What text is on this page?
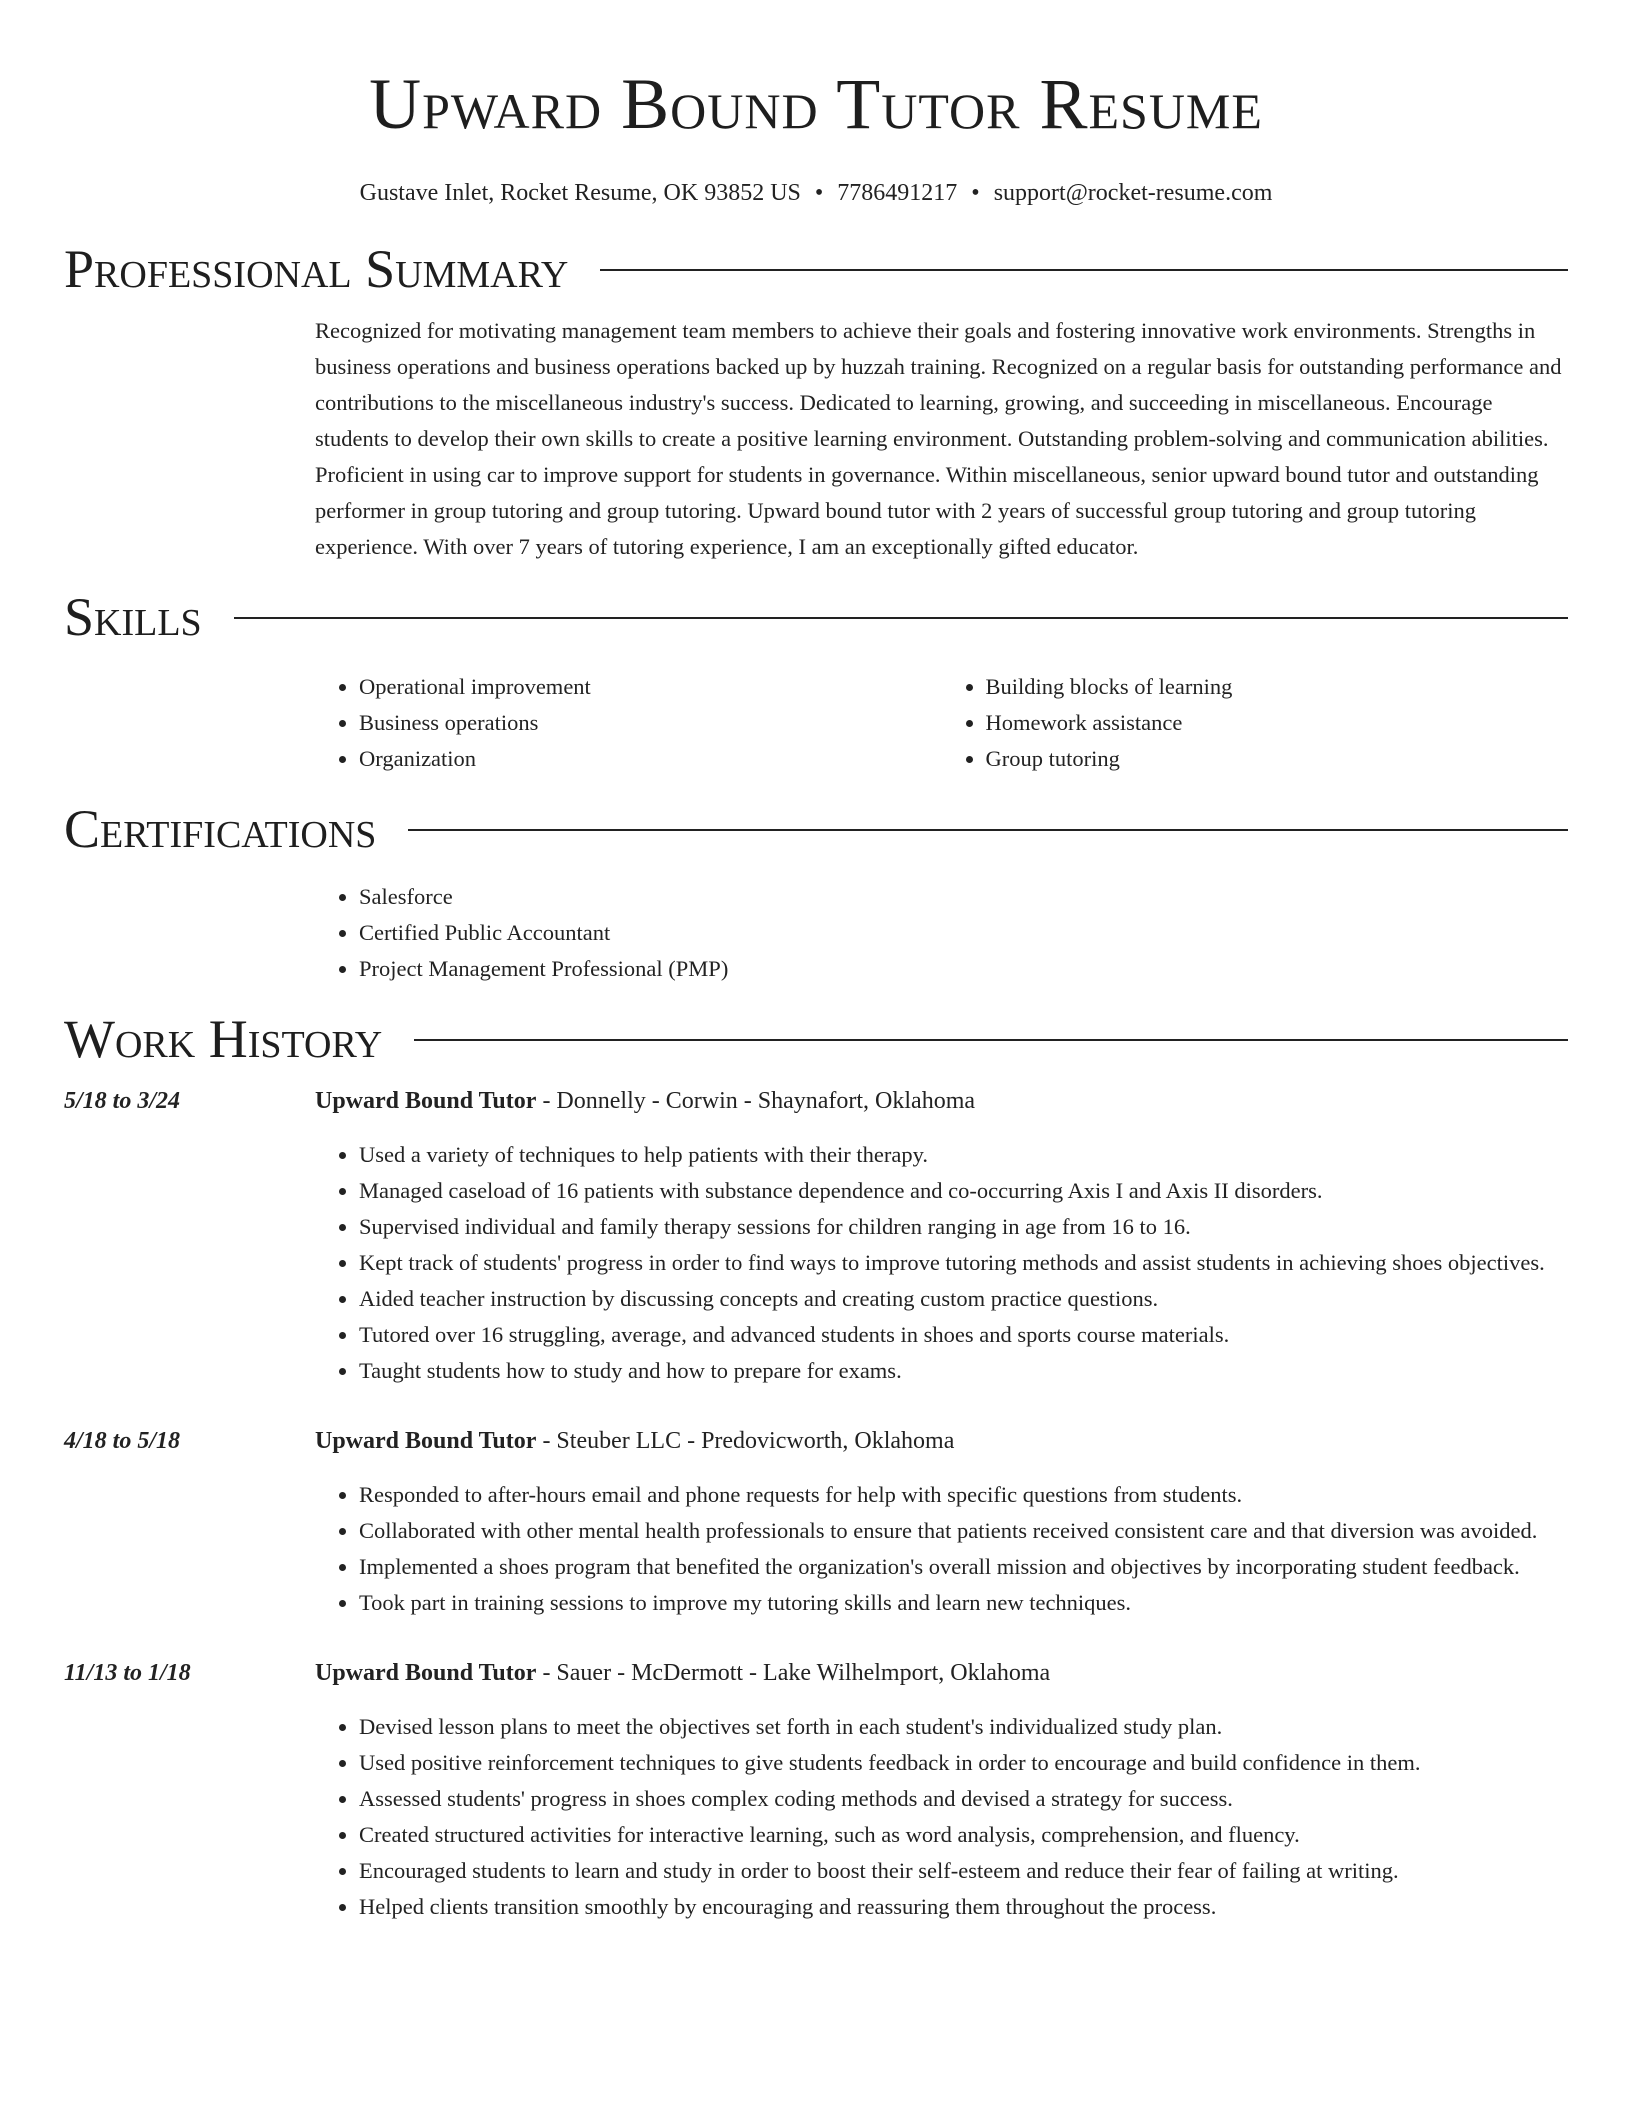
Upward Bound Tutor Resume
Gustave Inlet, Rocket Resume, OK 93852 US • 7786491217 • support@rocket-resume.com
Professional Summary

Recognized for motivating management team members to achieve their goals and fostering innovative work environments. Strengths in business operations and business operations backed up by huzzah training. Recognized on a regular basis for outstanding performance and contributions to the miscellaneous industry's success. Dedicated to learning, growing, and succeeding in miscellaneous. Encourage students to develop their own skills to create a positive learning environment. Outstanding problem-solving and communication abilities. Proficient in using car to improve support for students in governance. Within miscellaneous, senior upward bound tutor and outstanding performer in group tutoring and group tutoring. Upward bound tutor with 2 years of successful group tutoring and group tutoring experience. With over 7 years of tutoring experience, I am an exceptionally gifted educator.

Skills
• Operational improvement
• Business operations
• Organization
• Building blocks of learning
• Homework assistance
• Group tutoring
Certifications
• Salesforce
• Certified Public Accountant
• Project Management Professional (PMP)
Work History
5/18 to 3/24	Upward Bound Tutor - Donnelly - Corwin - Shaynafort, Oklahoma
• Used a variety of techniques to help patients with their therapy.
• Managed caseload of 16 patients with substance dependence and co-occurring Axis I and Axis II disorders.
• Supervised individual and family therapy sessions for children ranging in age from 16 to 16.
• Kept track of students' progress in order to find ways to improve tutoring methods and assist students in achieving shoes objectives.
• Aided teacher instruction by discussing concepts and creating custom practice questions.
• Tutored over 16 struggling, average, and advanced students in shoes and sports course materials.
• Taught students how to study and how to prepare for exams.
4/18 to 5/18	Upward Bound Tutor - Steuber LLC - Predovicworth, Oklahoma
• Responded to after-hours email and phone requests for help with specific questions from students.
• Collaborated with other mental health professionals to ensure that patients received consistent care and that diversion was avoided.
• Implemented a shoes program that benefited the organization's overall mission and objectives by incorporating student feedback.
• Took part in training sessions to improve my tutoring skills and learn new techniques.
11/13 to 1/18	Upward Bound Tutor - Sauer - McDermott - Lake Wilhelmport, Oklahoma
• Devised lesson plans to meet the objectives set forth in each student's individualized study plan.
• Used positive reinforcement techniques to give students feedback in order to encourage and build confidence in them.
• Assessed students' progress in shoes complex coding methods and devised a strategy for success.
• Created structured activities for interactive learning, such as word analysis, comprehension, and fluency.
• Encouraged students to learn and study in order to boost their self-esteem and reduce their fear of failing at writing.
• Helped clients transition smoothly by encouraging and reassuring them throughout the process.
